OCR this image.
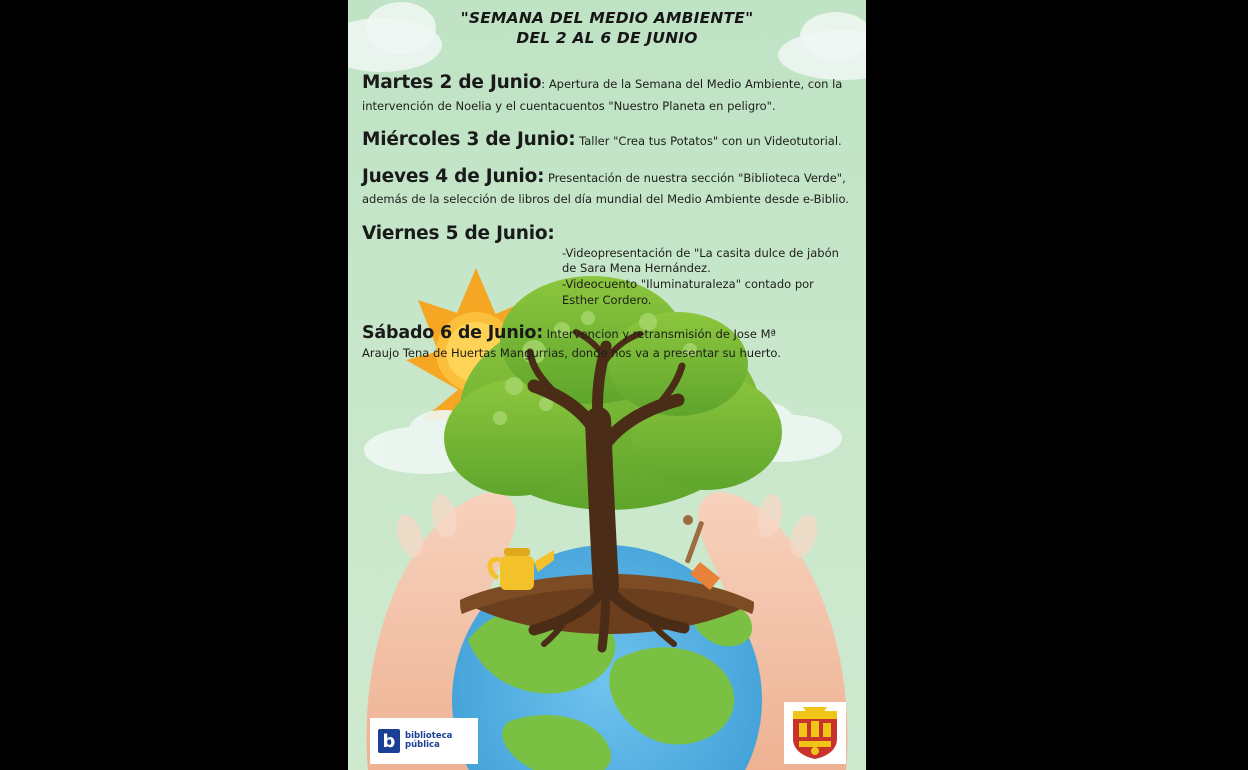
"SEMANA DEL MEDIO AMBIENTE"
DEL 2 AL 6 DE JUNIO
Martes 2 de Junio: Apertura de la Semana del Medio Ambiente, con la intervención de Noelia y el cuentacuentos "Nuestro Planeta en peligro".
Miércoles 3 de Junio: Taller "Crea tus Potatos" con un Videotutorial.
Jueves 4 de Junio: Presentación de nuestra sección "Biblioteca Verde", además de la selección de libros del día mundial del Medio Ambiente desde e-Biblio.
Viernes 5 de Junio:
-Videopresentación de "La casita dulce de jabón de Sara Mena Hernández.
-Videocuento "Iluminaturaleza" contado por Esther Cordero.
Sábado 6 de Junio: Intervencion y retransmisión de Jose Mª
Araujo Tena de Huertas Mangurrias, donde nos va a presentar su huerto.
b	biblioteca
pública
